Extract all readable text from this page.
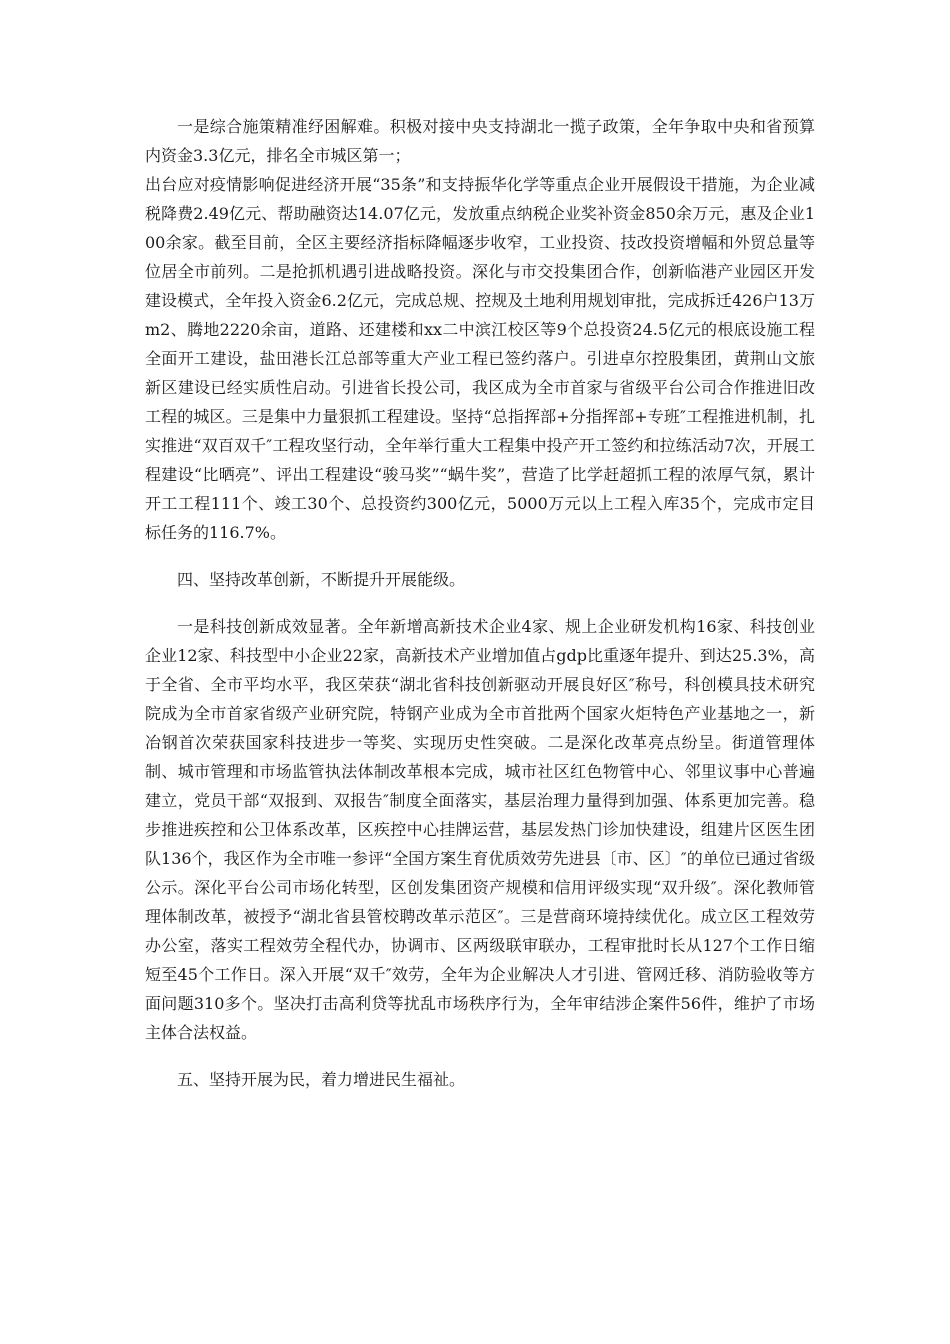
一是综合施策精准纾困解难。积极对接中央支持湖北一揽子政策，全年争取中央和省预算内资金3.3亿元，排名全市城区第一；

出台应对疫情影响促进经济开展“35条”和支持振华化学等重点企业开展假设干措施，为企业减税降费2.49亿元、帮助融资达14.07亿元，发放重点纳税企业奖补资金850余万元，惠及企业100余家。截至目前，全区主要经济指标降幅逐步收窄，工业投资、技改投资增幅和外贸总量等位居全市前列。二是抢抓机遇引进战略投资。深化与市交投集团合作，创新临港产业园区开发建设模式，全年投入资金6.2亿元，完成总规、控规及土地利用规划审批，完成拆迁426户13万m2、腾地2220余亩，道路、还建楼和xx二中滨江校区等9个总投资24.5亿元的根底设施工程全面开工建设，盐田港长江总部等重大产业工程已签约落户。引进卓尔控股集团，黄荆山文旅新区建设已经实质性启动。引进省长投公司，我区成为全市首家与省级平台公司合作推进旧改工程的城区。三是集中力量狠抓工程建设。坚持“总指挥部+分指挥部+专班″工程推进机制，扎实推进“双百双千″工程攻坚行动，全年举行重大工程集中投产开工签约和拉练活动7次，开展工程建设“比晒亮”、评出工程建设“骏马奖”“蜗牛奖”，营造了比学赶超抓工程的浓厚气氛，累计开工工程111个、竣工30个、总投资约300亿元，5000万元以上工程入库35个，完成市定目标任务的116.7%。

四、坚持改革创新，不断提升开展能级。

一是科技创新成效显著。全年新增高新技术企业4家、规上企业研发机构16家、科技创业企业12家、科技型中小企业22家，高新技术产业增加值占gdp比重逐年提升、到达25.3%，高于全省、全市平均水平，我区荣获“湖北省科技创新驱动开展良好区″称号，科创模具技术研究院成为全市首家省级产业研究院，特钢产业成为全市首批两个国家火炬特色产业基地之一，新冶钢首次荣获国家科技进步一等奖、实现历史性突破。二是深化改革亮点纷呈。街道管理体制、城市管理和市场监管执法体制改革根本完成，城市社区红色物管中心、邻里议事中心普遍建立，党员干部“双报到、双报告″制度全面落实，基层治理力量得到加强、体系更加完善。稳步推进疾控和公卫体系改革，区疾控中心挂牌运营，基层发热门诊加快建设，组建片区医生团队136个，我区作为全市唯一参评“全国方案生育优质效劳先进县〔市、区〕″的单位已通过省级公示。深化平台公司市场化转型，区创发集团资产规模和信用评级实现“双升级″。深化教师管理体制改革，被授予“湖北省县管校聘改革示范区″。三是营商环境持续优化。成立区工程效劳办公室，落实工程效劳全程代办，协调市、区两级联审联办，工程审批时长从127个工作日缩短至45个工作日。深入开展“双千″效劳，全年为企业解决人才引进、管网迁移、消防验收等方面问题310多个。坚决打击高利贷等扰乱市场秩序行为，全年审结涉企案件56件，维护了市场主体合法权益。

五、坚持开展为民，着力增进民生福祉。
